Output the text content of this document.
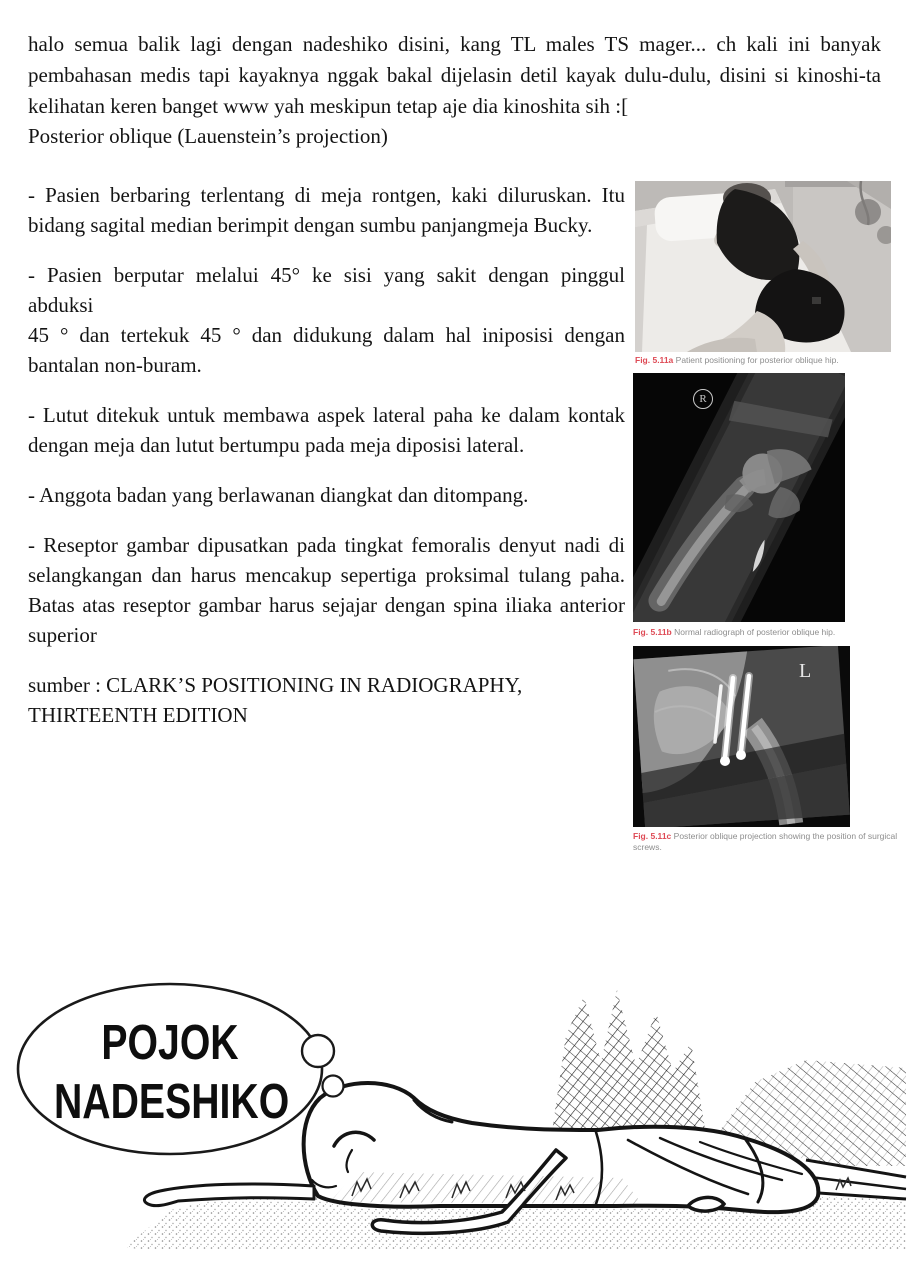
halo semua balik lagi dengan nadeshiko disini, kang TL males TS mager... ch kali ini banyak pembahasan medis tapi kayaknya nggak bakal dijelasin detil kayak dulu-dulu, disini si kinoshi-ta kelihatan keren banget www yah meskipun tetap aje dia kinoshita sih :[
Posterior oblique (Lauenstein’s projection)
- Pasien berbaring terlentang di meja rontgen, kaki diluruskan. Itu bidang sagital median berimpit dengan sumbu panjangmeja Bucky.
- Pasien berputar melalui 45° ke sisi yang sakit dengan pinggul abduksi
45 ° dan tertekuk 45 ° dan didukung dalam hal iniposisi dengan bantalan non-buram.
- Lutut ditekuk untuk membawa aspek lateral paha ke dalam kontak dengan meja dan lutut bertumpu pada meja diposisi lateral.
- Anggota badan yang berlawanan diangkat dan ditompang.
- Reseptor gambar dipusatkan pada tingkat femoralis denyut nadi di selangkangan dan harus mencakup sepertiga proksimal tulang paha. Batas atas reseptor gambar harus sejajar dengan spina iliaka anterior superior
sumber : CLARK’S POSITIONING IN RADIOGRAPHY,
THIRTEENTH EDITION
Fig. 5.11a Patient positioning for posterior oblique hip.
R
Fig. 5.11b Normal radiograph of posterior oblique hip.
L
Fig. 5.11c Posterior oblique projection showing the position of surgical screws.
POJOK
NADESHIKO
